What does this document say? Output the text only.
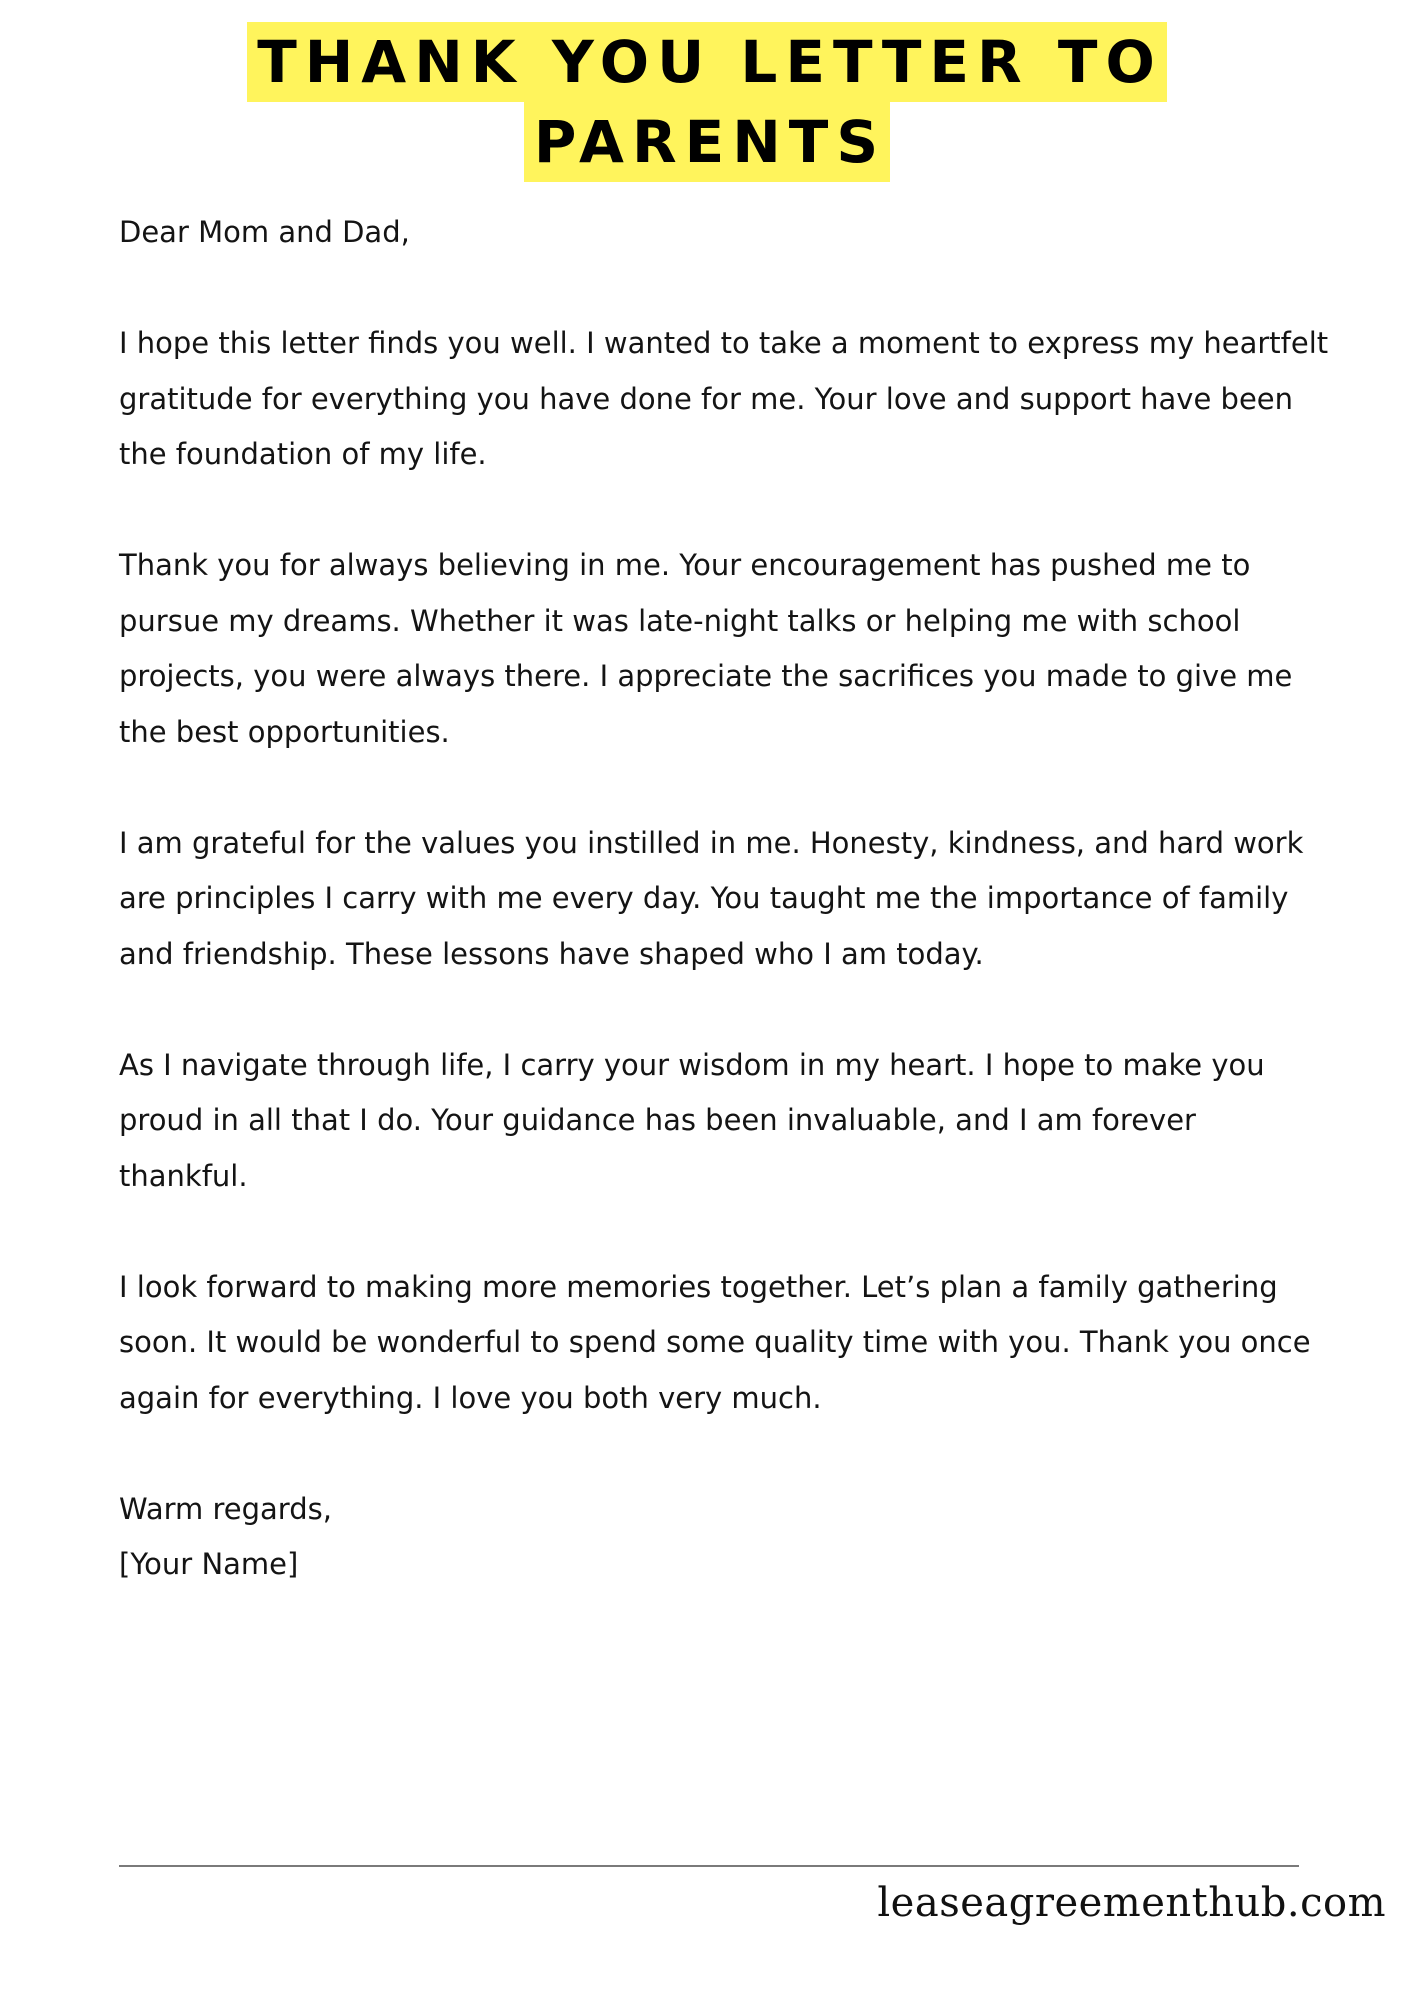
THANK YOU LETTER TO
PARENTS

Dear Mom and Dad,

I hope this letter finds you well. I wanted to take a moment to express my heartfelt gratitude for everything you have done for me. Your love and support have been the foundation of my life.

Thank you for always believing in me. Your encouragement has pushed me to pursue my dreams. Whether it was late-night talks or helping me with school projects, you were always there. I appreciate the sacrifices you made to give me the best opportunities.

I am grateful for the values you instilled in me. Honesty, kindness, and hard work are principles I carry with me every day. You taught me the importance of family and friendship. These lessons have shaped who I am today.

As I navigate through life, I carry your wisdom in my heart. I hope to make you proud in all that I do. Your guidance has been invaluable, and I am forever thankful.

I look forward to making more memories together. Let’s plan a family gathering soon. It would be wonderful to spend some quality time with you. Thank you once again for everything. I love you both very much.

Warm regards,

[Your Name]

leaseagreementhub.com
